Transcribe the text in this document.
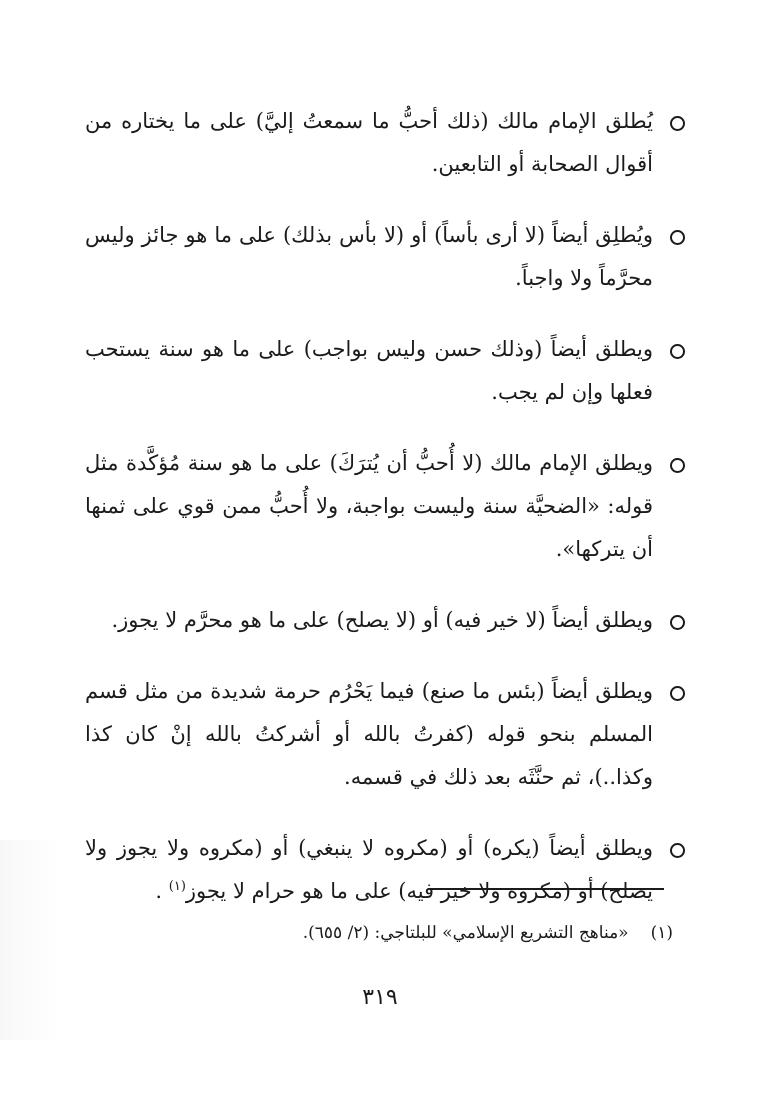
يُطلق الإمام مالك (ذلك أحبُّ ما سمعتُ إليَّ) على ما يختاره من أقوال الصحابة أو التابعين.
ويُطلِق أيضاً (لا أرى بأساً) أو (لا بأس بذلك) على ما هو جائز وليس محرَّماً ولا واجباً.
ويطلق أيضاً (وذلك حسن وليس بواجب) على ما هو سنة يستحب فعلها وإن لم يجب.
ويطلق الإمام مالك (لا أُحبُّ أن يُترَكَ) على ما هو سنة مُؤكَّدة مثل قوله: «الضحيَّة سنة وليست بواجبة، ولا أُحبُّ ممن قوي على ثمنها أن يتركها».
ويطلق أيضاً (لا خير فيه) أو (لا يصلح) على ما هو محرَّم لا يجوز.
ويطلق أيضاً (بئس ما صنع) فيما يَحْرُم حرمة شديدة من مثل قسم المسلم بنحو قوله (كفرتُ بالله أو أشركتُ بالله إنْ كان كذا وكذا..)، ثم حنَّثَه بعد ذلك في قسمه.
ويطلق أيضاً (يكره) أو (مكروه لا ينبغي) أو (مكروه ولا يجوز ولا يصلح) أو (مكروه ولا خير فيه) على ما هو حرام لا يجوز$^{(١)}$ .
(١)«مناهج التشريع الإسلامي» للبلتاجي: (٢/ ٦٥٥).
٣١٩
